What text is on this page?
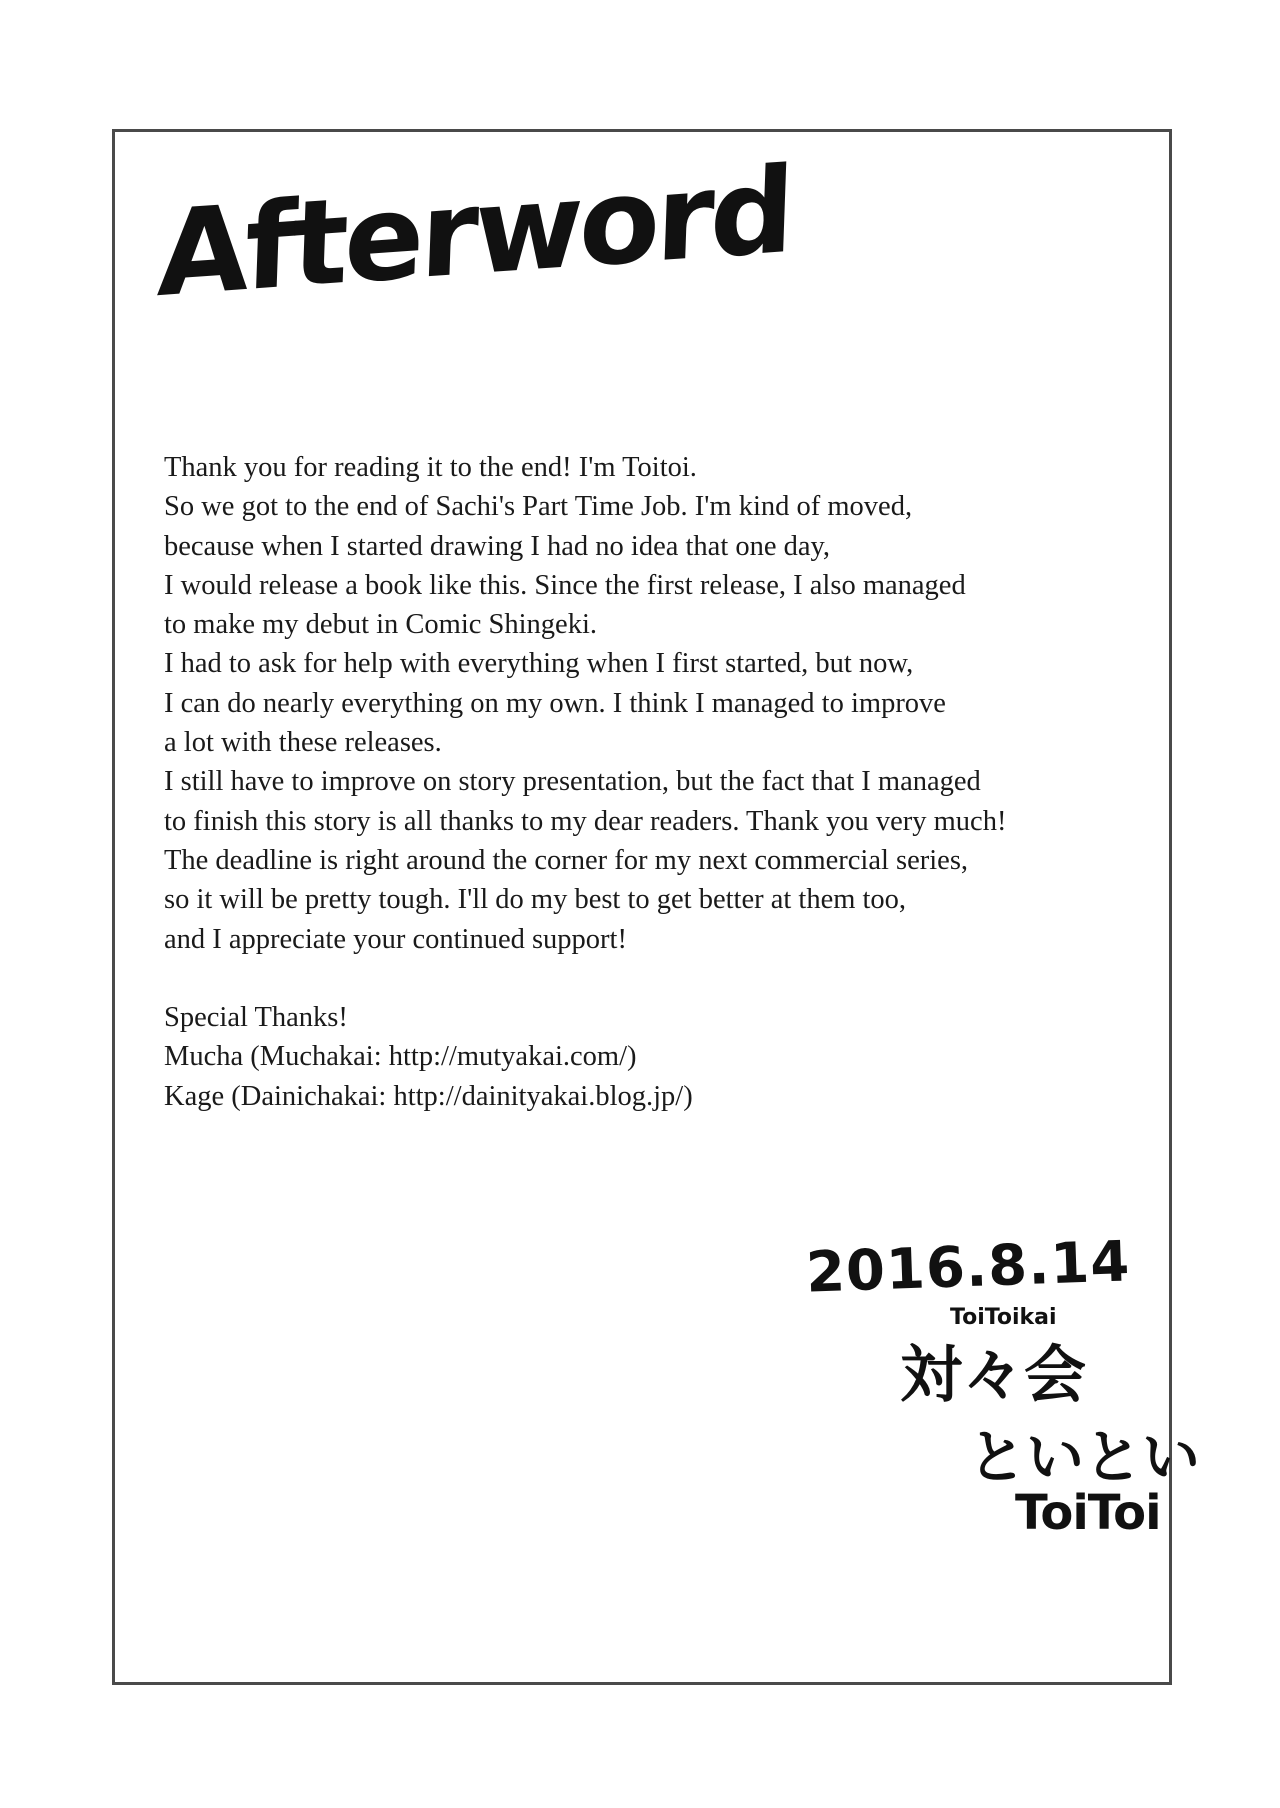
Afterword
Thank you for reading it to the end! I'm Toitoi.
So we got to the end of Sachi's Part Time Job. I'm kind of moved,
because when I started drawing I had no idea that one day,
I would release a book like this. Since the first release, I also managed
to make my debut in Comic Shingeki.
I had to ask for help with everything when I first started, but now,
I can do nearly everything on my own. I think I managed to improve
a lot with these releases.
I still have to improve on story presentation, but the fact that I managed
to finish this story is all thanks to my dear readers. Thank you very much!
The deadline is right around the corner for my next commercial series,
so it will be pretty tough. I'll do my best to get better at them too,
and I appreciate your continued support!
Special Thanks!
Mucha (Muchakai: http://mutyakai.com/)
Kage (Dainichakai: http://dainityakai.blog.jp/)
2016.8.14
ToiToikai
対々会
といとい
ToiToi
